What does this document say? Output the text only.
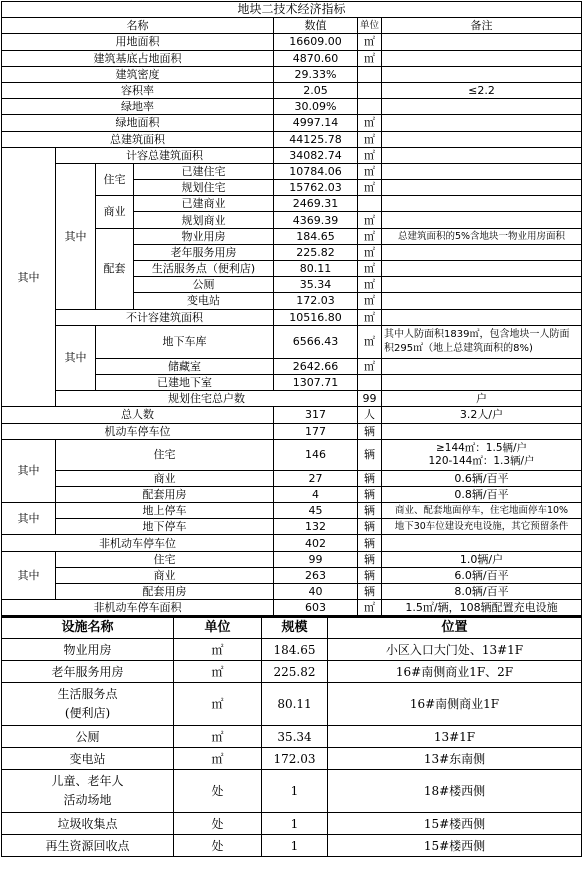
地块二技术经济指标							
名称				数值	单位	备注	
用地面积				16609.00	㎡		
建筑基底占地面积				4870.60	㎡		
建筑密度				29.33%			
容积率				2.05		≤2.2	
绿地率				30.09%			
绿地面积				4997.14	㎡		
总建筑面积				44125.78	㎡		
其中	计容总建筑面积			34082.74	㎡		
	其中	住宅	已建住宅	10784.06	㎡		
			规划住宅	15762.03	㎡		
		商业	已建商业	2469.31			
			规划商业	4369.39	㎡		
		配套	物业用房	184.65	㎡	总建筑面积的5%含地块一物业用房面积	
			老年服务用房	225.82	㎡		
			生活服务点（便利店)	80.11	㎡		
			公厕	35.34	㎡		
			变电站	172.03	㎡		
	不计容建筑面积			10516.80	㎡		
	其中	地下车库		6566.43	㎡	其中人防面积1839㎡，包含地块一人防面积295㎡（地上总建筑面积的8%)	
		储藏室		2642.66	㎡		
		已建地下室		1307.71			
	规划住宅总户数				99	户	
总人数				317	人	3.2人/户	
机动车停车位				177	辆		
其中	住宅			146	辆	≥144㎡：1.5辆/户
120-144㎡：1.3辆/户	

	商业			27	辆	0.6辆/百平	
	配套用房			4	辆	0.8辆/百平	
其中	地上停车			45	辆	商业、配套地面停车，住宅地面停车10%	
	地下停车			132	辆	地下30车位建设充电设施，其它预留条件	
非机动车停车位				402	辆		
其中	住宅			99	辆	1.0辆/户	
	商业			263	辆	6.0辆/百平	
	配套用房			40	辆	8.0辆/百平	
非机动车停车面积				603	㎡	1.5㎡/辆，108辆配置充电设施	
设施名称	单位	规模	位置
物业用房	㎡	184.65	小区入口大门处、13#1F
老年服务用房	㎡	225.82	16#南侧商业1F、2F

生活服务点
(便利店)	㎡	80.11	16#南侧商业1F
公厕	㎡	35.34	13#1F
变电站	㎡	172.03	13#东南侧

儿童、老年人
活动场地	处	1	18#楼西侧
垃圾收集点	处	1	15#楼西侧
再生资源回收点	处	1	15#楼西侧
